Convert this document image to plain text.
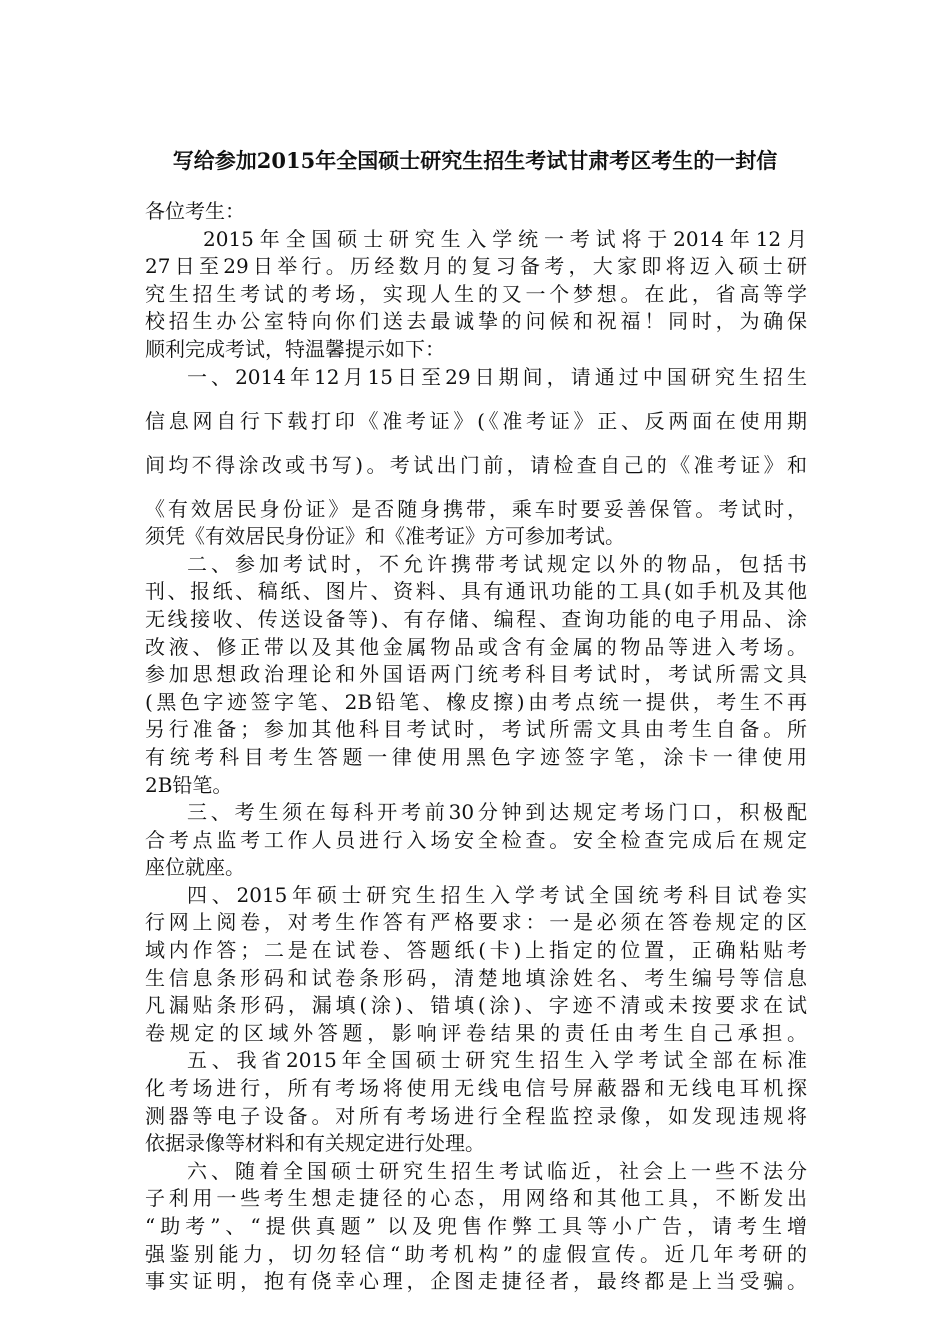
写给参加2015年全国硕士研究生招生考试甘肃考区考生的一封信

各位考生：

2015年全国硕士研究生入学统一考试将于2014年12月
27日至29日举行。历经数月的复习备考，大家即将迈入硕士研
究生招生考试的考场，实现人生的又一个梦想。在此，省高等学
校招生办公室特向你们送去最诚挚的问候和祝福！同时，为确保
顺利完成考试，特温馨提示如下：
一、2014年12月15日至29日期间，请通过中国研究生招生
信息网自行下载打印《准考证》(《准考证》正、反两面在使用期
间均不得涂改或书写)。考试出门前，请检查自己的《准考证》和
《有效居民身份证》是否随身携带，乘车时要妥善保管。考试时，
须凭《有效居民身份证》和《准考证》方可参加考试。
二、参加考试时，不允许携带考试规定以外的物品，包括书
刊、报纸、稿纸、图片、资料、具有通讯功能的工具(如手机及其他
无线接收、传送设备等)、有存储、编程、查询功能的电子用品、涂
改液、修正带以及其他金属物品或含有金属的物品等进入考场。
参加思想政治理论和外国语两门统考科目考试时，考试所需文具
(黑色字迹签字笔、2B铅笔、橡皮擦)由考点统一提供，考生不再
另行准备；参加其他科目考试时，考试所需文具由考生自备。所
有统考科目考生答题一律使用黑色字迹签字笔，涂卡一律使用
2B铅笔。
三、考生须在每科开考前30分钟到达规定考场门口，积极配
合考点监考工作人员进行入场安全检查。安全检查完成后在规定
座位就座。
四、2015年硕士研究生招生入学考试全国统考科目试卷实
行网上阅卷，对考生作答有严格要求：一是必须在答卷规定的区
域内作答；二是在试卷、答题纸(卡)上指定的位置，正确粘贴考
生信息条形码和试卷条形码，清楚地填涂姓名、考生编号等信息
凡漏贴条形码，漏填(涂)、错填(涂)、字迹不清或未按要求在试
卷规定的区域外答题，影响评卷结果的责任由考生自己承担。
五、我省2015年全国硕士研究生招生入学考试全部在标准
化考场进行，所有考场将使用无线电信号屏蔽器和无线电耳机探
测器等电子设备。对所有考场进行全程监控录像，如发现违规将
依据录像等材料和有关规定进行处理。
六、随着全国硕士研究生招生考试临近，社会上一些不法分
子利用一些考生想走捷径的心态，用网络和其他工具，不断发出
“助考”、“提供真题” 以及兜售作弊工具等小广告，请考生增
强鉴别能力，切勿轻信“助考机构”的虚假宣传。近几年考研的
事实证明，抱有侥幸心理，企图走捷径者，最终都是上当受骗。
